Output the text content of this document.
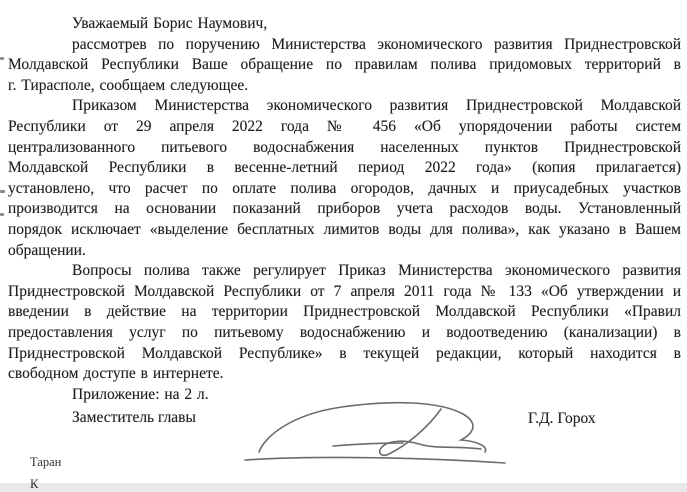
Уважаемый Борис Наумович,
рассмотрев по поручению Министерства экономического развития Приднестровской
Молдавской Республики Ваше обращение по правилам полива придомовых территорий в
г. Тирасполе, сообщаем следующее.
Приказом Министерства экономического развития Приднестровской Молдавской
Республики от 29 апреля 2022 года № 456 «Об упорядочении работы систем
централизованного питьевого водоснабжения населенных пунктов Приднестровской
Молдавской Республики в весенне-летний период 2022 года» (копия прилагается)
установлено, что расчет по оплате полива огородов, дачных и приусадебных участков
производится на основании показаний приборов учета расходов воды. Установленный
порядок исключает «выделение бесплатных лимитов воды для полива», как указано в Вашем
обращении.
Вопросы полива также регулирует Приказ Министерства экономического развития
Приднестровской Молдавской Республики от 7 апреля 2011 года № 133 «Об утверждении и
введении в действие на территории Приднестровской Молдавской Республики «Правил
предоставления услуг по питьевому водоснабжению и водоотведению (канализации) в
Приднестровской Молдавской Республике» в текущей редакции, который находится в
свободном доступе в интернете.
Приложение: на 2 л.
Заместитель главы	Г.Д. Горох
Таран
К
